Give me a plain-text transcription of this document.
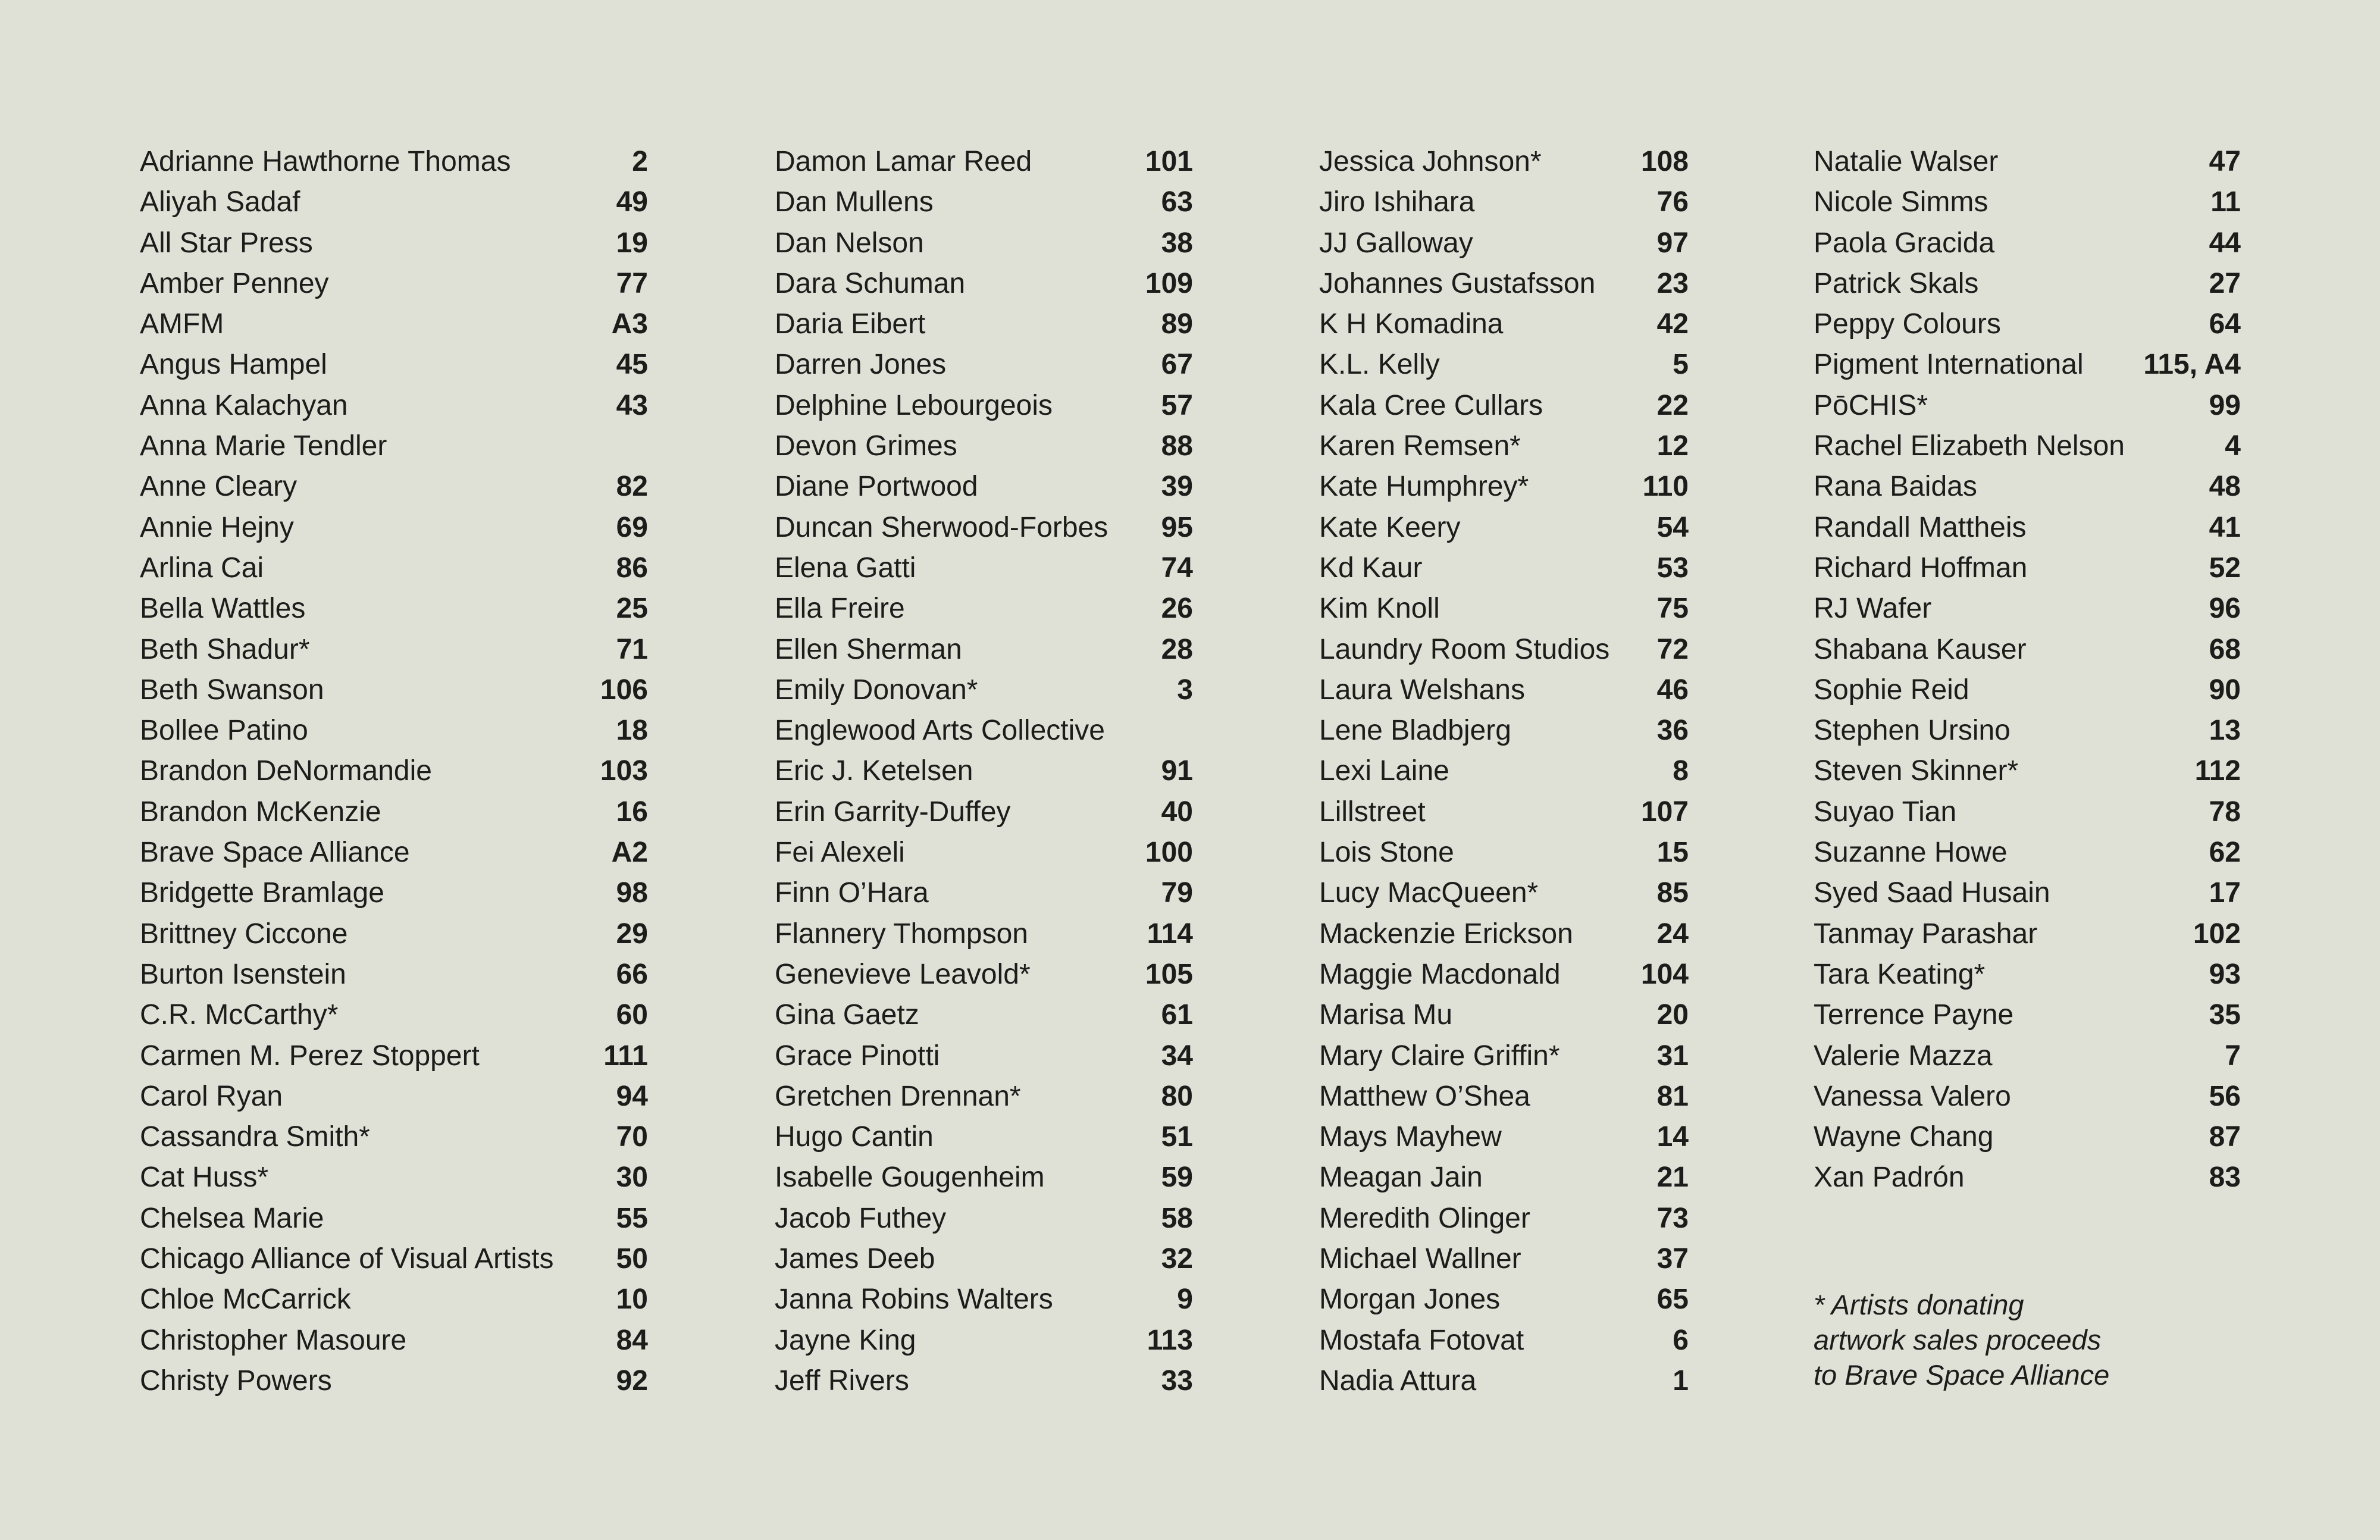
Adrianne Hawthorne Thomas	2
Aliyah Sadaf	49
All Star Press	19
Amber Penney	77
AMFM	A3
Angus Hampel	45
Anna Kalachyan	43
Anna Marie Tendler
Anne Cleary	82
Annie Hejny	69
Arlina Cai	86
Bella Wattles	25
Beth Shadur*	71
Beth Swanson	106
Bollee Patino	18
Brandon DeNormandie	103
Brandon McKenzie	16
Brave Space Alliance	A2
Bridgette Bramlage	98
Brittney Ciccone	29
Burton Isenstein	66
C.R. McCarthy*	60
Carmen M. Perez Stoppert	111
Carol Ryan	94
Cassandra Smith*	70
Cat Huss*	30
Chelsea Marie	55
Chicago Alliance of Visual Artists 50
Chloe McCarrick	10
Christopher Masoure	84
Christy Powers	92
Damon Lamar Reed	101
Dan Mullens	63
Dan Nelson	38
Dara Schuman	109
Daria Eibert	89
Darren Jones	67
Delphine Lebourgeois	57
Devon Grimes	88
Diane Portwood	39
Duncan Sherwood-Forbes 95
Elena Gatti	74
Ella Freire	26
Ellen Sherman	28
Emily Donovan*	3
Englewood Arts Collective
Eric J. Ketelsen	91
Erin Garrity-Duffey	40
Fei Alexeli	100
Finn O’Hara	79
Flannery Thompson	114
Genevieve Leavold*	105
Gina Gaetz	61
Grace Pinotti	34
Gretchen Drennan*	80
Hugo Cantin	51
Isabelle Gougenheim	59
Jacob Futhey	58
James Deeb	32
Janna Robins Walters	9
Jayne King	113
Jeff Rivers	33
Jessica Johnson*	108
Jiro Ishihara	76
JJ Galloway	97
Johannes Gustafsson 23
K H Komadina	42
K.L. Kelly	5
Kala Cree Cullars	22
Karen Remsen*	12
Kate Humphrey*	110
Kate Keery	54
Kd Kaur	53
Kim Knoll	75
Laundry Room Studios 72
Laura Welshans	46
Lene Bladbjerg	36
Lexi Laine	8
Lillstreet	107
Lois Stone	15
Lucy MacQueen*	85
Mackenzie Erickson	24
Maggie Macdonald	104
Marisa Mu	20
Mary Claire Griffin*	31
Matthew O’Shea	81
Mays Mayhew	14
Meagan Jain	21
Meredith Olinger	73
Michael Wallner	37
Morgan Jones	65
Mostafa Fotovat	6
Nadia Attura	1
Natalie Walser	47
Nicole Simms	11
Paola Gracida	44
Patrick Skals	27
Peppy Colours	64
Pigment International 115, A4
PōCHIS*	99
Rachel Elizabeth Nelson	4
Rana Baidas	48
Randall Mattheis	41
Richard Hoffman	52
RJ Wafer	96
Shabana Kauser	68
Sophie Reid	90
Stephen Ursino	13
Steven Skinner*	112
Suyao Tian	78
Suzanne Howe	62
Syed Saad Husain	17
Tanmay Parashar	102
Tara Keating*	93
Terrence Payne	35
Valerie Mazza	7
Vanessa Valero	56
Wayne Chang	87
Xan Padrón	83
* Artists donating
artwork sales proceeds
to Brave Space Alliance
